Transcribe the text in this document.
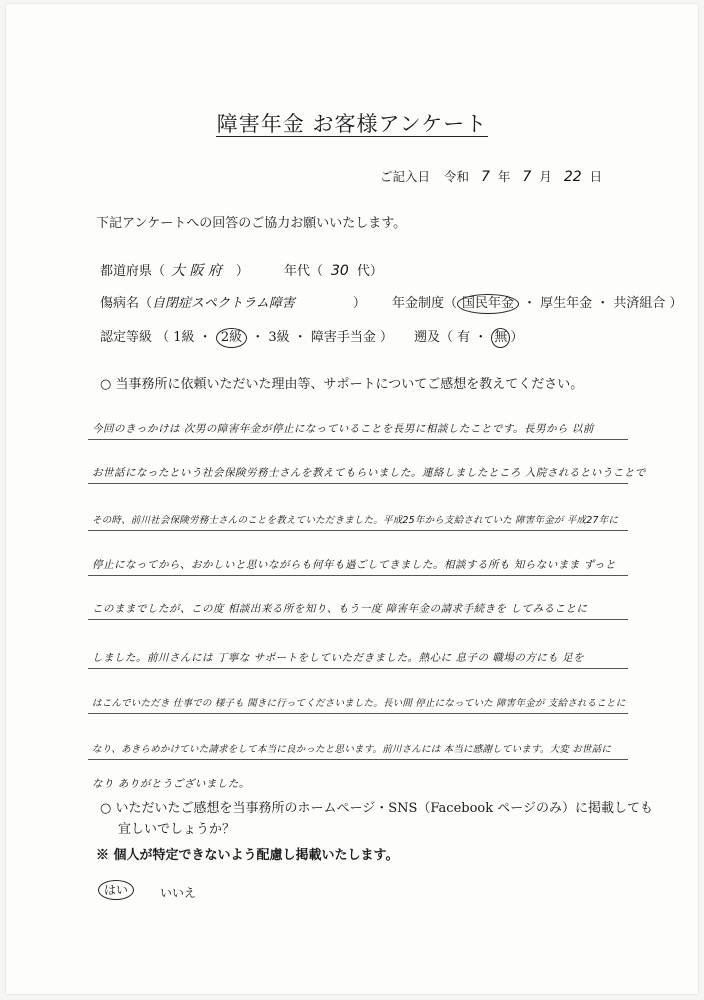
障害年金 お客様アンケート
ご記入日 令和 7 年 7 月 22 日
下記アンケートへの回答のご協力お願いいたします。
都道府県（ 大 阪 府 ）	年代（ 30 代）
傷病名（自閉症スペクトラム障害	） 年金制度（ 国民年金 ・ 厚生年金 ・ 共済組合 ）
認定等級 （ 1級 ・ 2級 ・ 3級 ・ 障害手当金 ） 遡及（ 有 ・ 無 ）
○ 当事務所に依頼いただいた理由等、サポートについてご感想を教えてください。
今回のきっかけは 次男の障害年金が停止になっていることを長男に相談したことです。長男から 以前
お世話になったという社会保険労務士さんを教えてもらいました。連絡しましたところ 入院されるということで
その時、前川社会保険労務士さんのことを教えていただきました。平成25年から支給されていた 障害年金が 平成27年に
停止になってから、おかしいと思いながらも何年も過ごしてきました。相談する所も 知らないまま ずっと
このままでしたが、この度 相談出来る所を知り、もう一度 障害年金の請求手続きを してみることに
しました。前川さんには 丁寧な サポートをしていただきました。熱心に 息子の 職場の方にも 足を
はこんでいただき 仕事での 様子も 聞きに行ってくださいました。長い間 停止になっていた 障害年金が 支給されることに
なり、あきらめかけていた請求をして本当に良かったと思います。前川さんには 本当に感謝しています。大変 お世話に
なり ありがとうございました。
○ いただいたご感想を当事務所のホームページ・SNS（Facebook ページのみ）に掲載しても
宜しいでしょうか？
※ 個人が特定できないよう配慮し掲載いたします。
はい	いいえ
